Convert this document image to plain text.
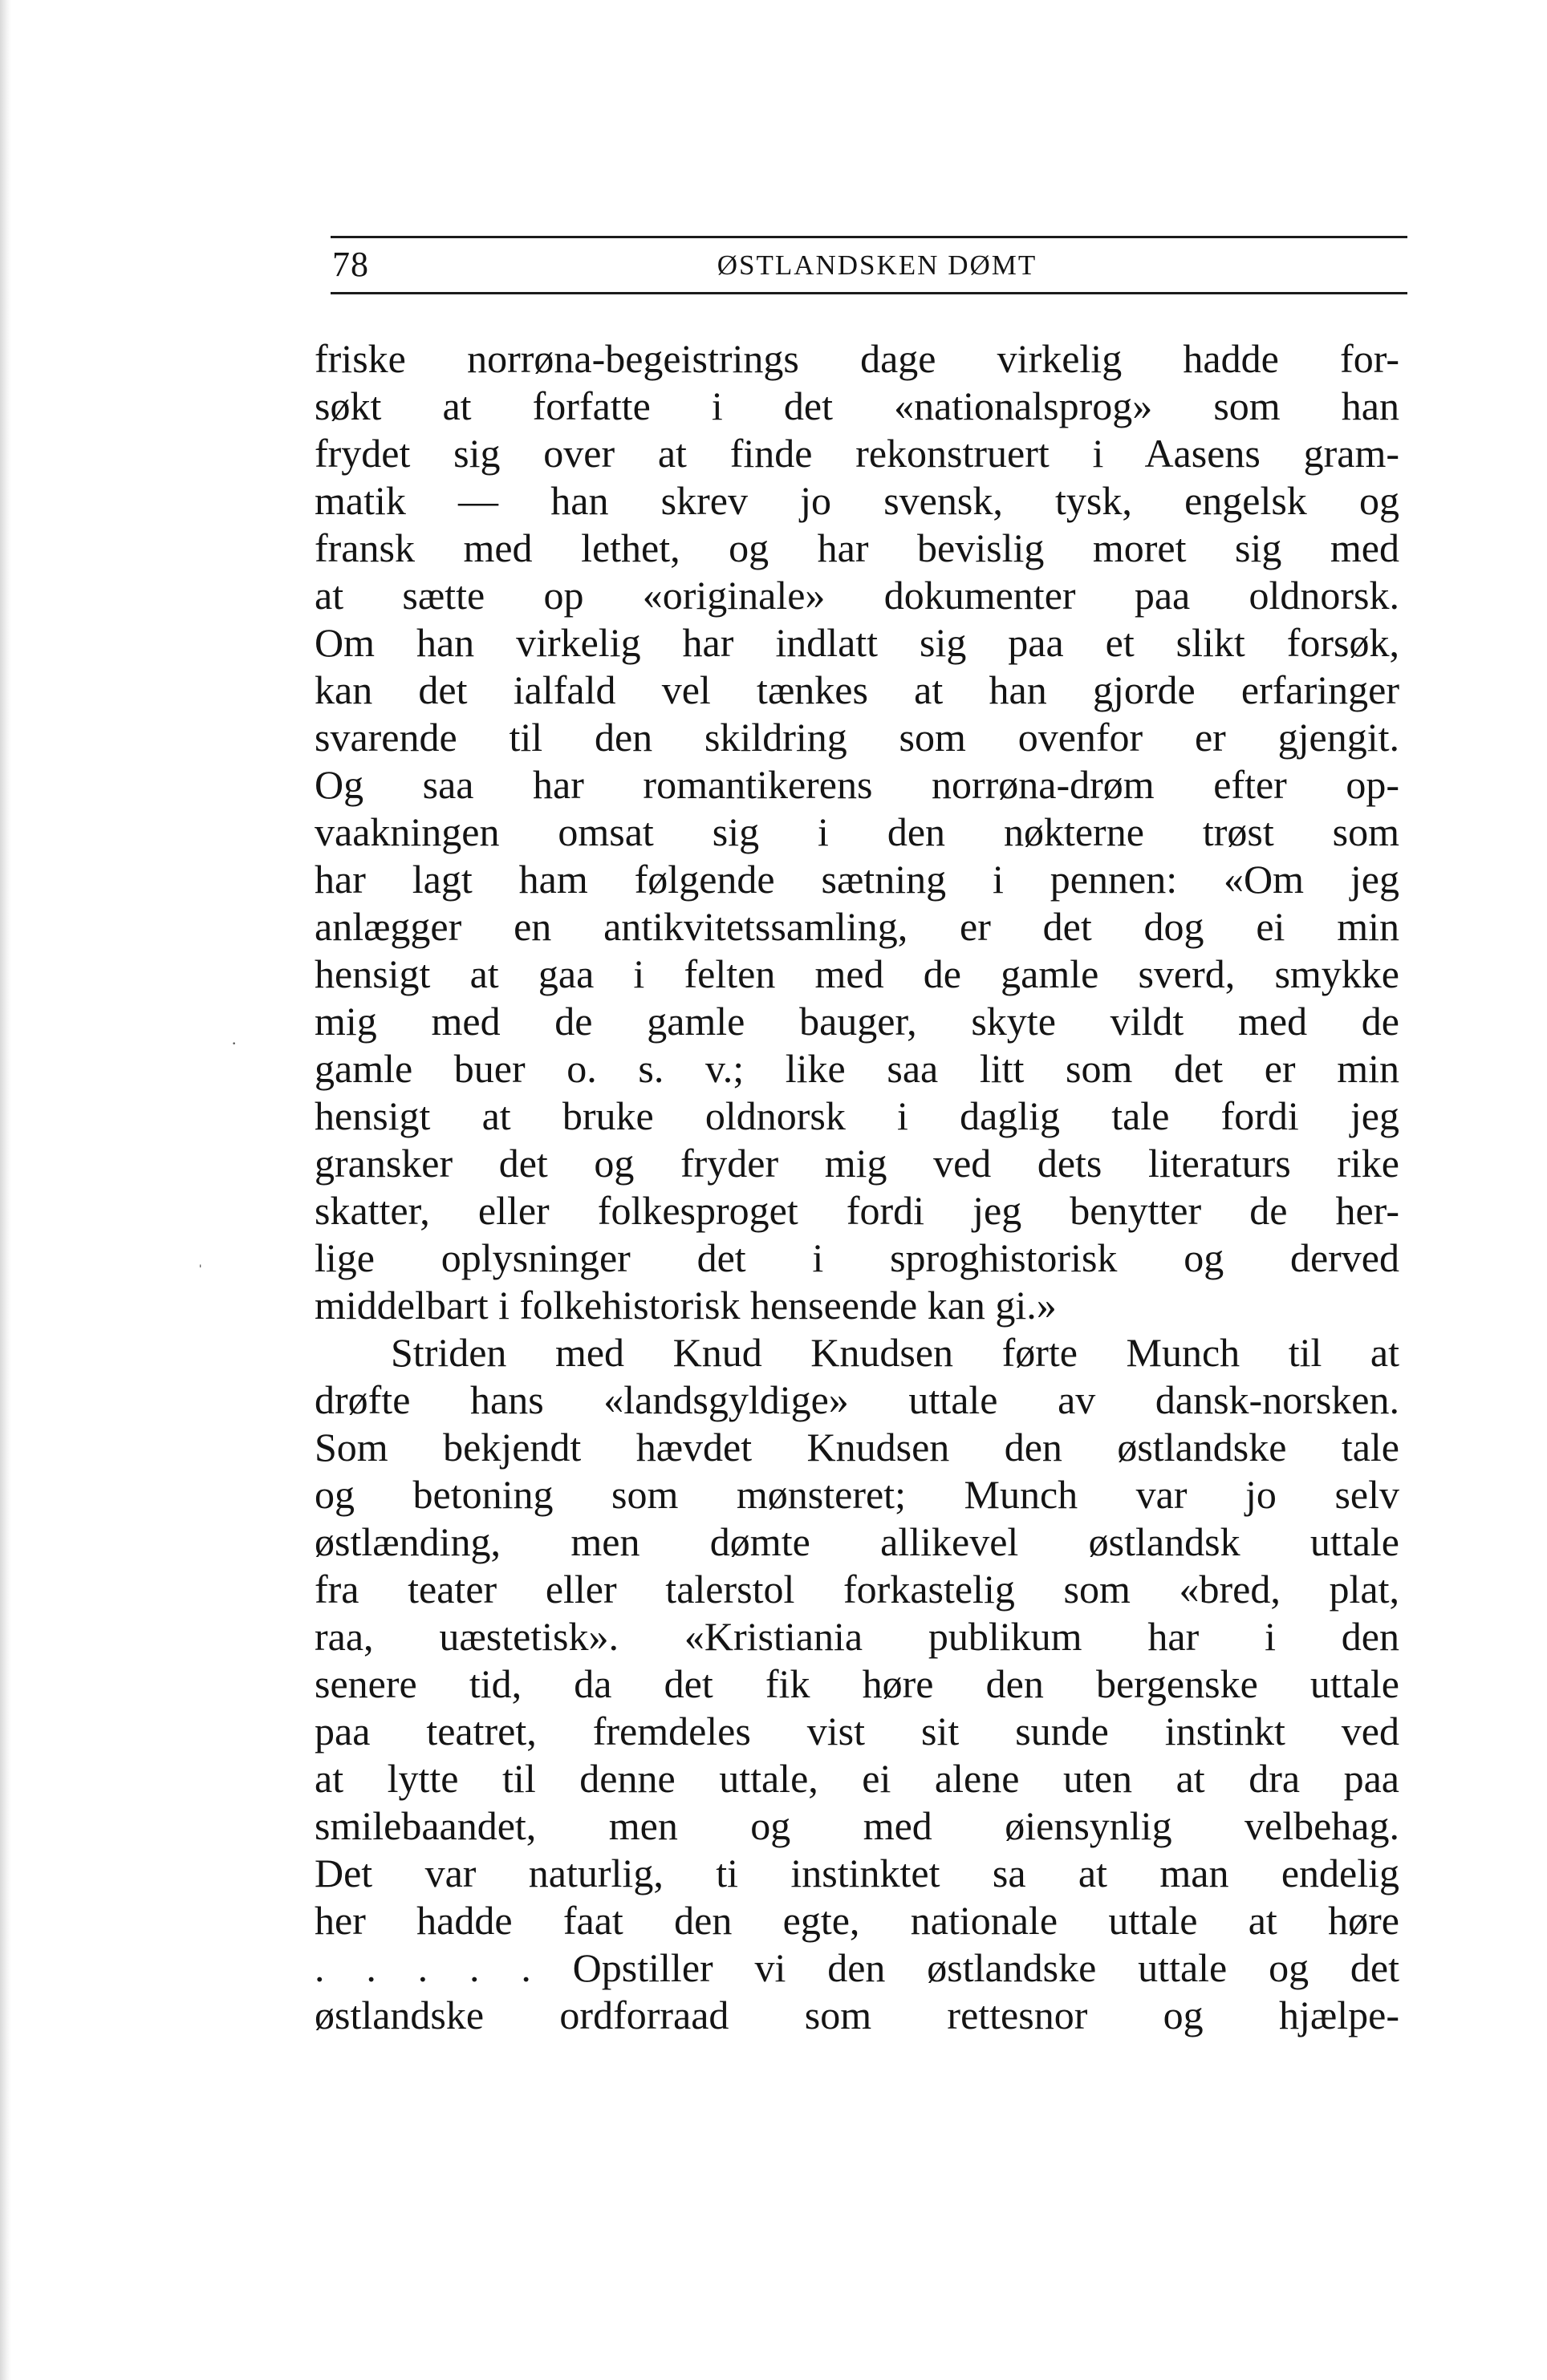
78	ØSTLANDSKEN DØMT
friske norrøna-begeistrings dage virkelig hadde for-
søkt at forfatte i det «nationalsprog» som han
frydet sig over at finde rekonstruert i Aasens gram-
matik — han skrev jo svensk, tysk, engelsk og
fransk med lethet, og har bevislig moret sig med
at sætte op «originale» dokumenter paa oldnorsk.
Om han virkelig har indlatt sig paa et slikt forsøk,
kan det ialfald vel tænkes at han gjorde erfaringer
svarende til den skildring som ovenfor er gjengit.
Og saa har romantikerens norrøna-drøm efter op-
vaakningen omsat sig i den nøkterne trøst som
har lagt ham følgende sætning i pennen: «Om jeg
anlægger en antikvitetssamling, er det dog ei min
hensigt at gaa i felten med de gamle sverd, smykke
mig med de gamle bauger, skyte vildt med de
gamle buer o. s. v.; like saa litt som det er min
hensigt at bruke oldnorsk i daglig tale fordi jeg
gransker det og fryder mig ved dets literaturs rike
skatter, eller folkesproget fordi jeg benytter de her-
lige oplysninger det i sproghistorisk og derved
middelbart i folkehistorisk henseende kan gi.»
Striden med Knud Knudsen førte Munch til at
drøfte hans «landsgyldige» uttale av dansk-norsken.
Som bekjendt hævdet Knudsen den østlandske tale
og betoning som mønsteret; Munch var jo selv
østlænding, men dømte allikevel østlandsk uttale
fra teater eller talerstol forkastelig som «bred, plat,
raa, uæstetisk». «Kristiania publikum har i den
senere tid, da det fik høre den bergenske uttale
paa teatret, fremdeles vist sit sunde instinkt ved
at lytte til denne uttale, ei alene uten at dra paa
smilebaandet, men og med øiensynlig velbehag.
Det var naturlig, ti instinktet sa at man endelig
her hadde faat den egte, nationale uttale at høre
. . . . . Opstiller vi den østlandske uttale og det
østlandske ordforraad som rettesnor og hjælpe-
·
ˈ
